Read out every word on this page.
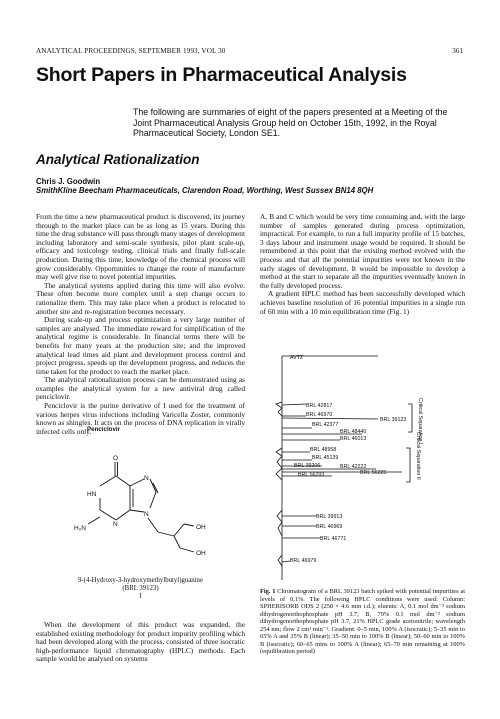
ANALYTICAL PROCEEDINGS, SEPTEMBER 1993, VOL 30	361
Short Papers in Pharmaceutical Analysis
The following are summaries of eight of the papers presented at a Meeting of the Joint Pharmaceutical Analysis Group held on October 15th, 1992, in the Royal Pharmaceutical Society, London SE1.
Analytical Rationalization
Chris J. Goodwin
SmithKline Beecham Pharmaceuticals, Clarendon Road, Worthing, West Sussex BN14 8QH

From the time a new pharmaceutical product is discovered, its journey through to the market place can be as long as 15 years. During this time the drug substance will pass through many stages of development including laboratory and semi-scale synthesis, pilot plant scale-up, efficacy and toxicology testing, clinical trials and finally full-scale production. During this time, knowledge of the chemical process will grow considerably. Opportunities to change the route of manufacture may well give rise to novel potential impurities.

The analytical systems applied during this time will also evolve. These often become more complex until a step change occurs to rationalize them. This may take place when a product is relocated to another site and re-registration becomes necessary.

During scale-up and process optimization a very large number of samples are analysed. The immediate reward for simplification of the analytical regime is considerable. In financial terms there will be benefits for many years at the production site; and the improved analytical lead times aid plant and development process control and project progress, speeds up the development progress, and reduces the time taken for the product to reach the market place.

The analytical rationalization process can be demonstrated using as examples the analytical system for a new antiviral drug called penciclovir.

Penciclovir is the purine derivative of I used for the treatment of various herpes virus infections including Varicella Zoster, commonly known as shingles. It acts on the process of DNA replication in virally infected cells only.

Penciclovir
O
HN
H₂N
N
N
N
OH
OH
9-(4-Hydroxy-3-hydroxymethylbutyl)guanine
(BRL 39123)
I

When the development of this product was expanded, the established existing methodology for product impurity profiling which had been developed along with the process, consisted of three isocratic high-performance liquid chromatography (HPLC) methods. Each sample would be analysed on systems

A, B and C which would be very time consuming and, with the large number of samples generated during process optimization, impractical. For example, to run a full impurity profile of 15 batches, 3 days labour and instrument usage would be required. It should be remembered at this point that the existing method evolved with the process and that all the potential impurities were not known in the early stages of development. It would be impossible to develop a method at the start to separate all the impurities eventually known in the fully developed process.

A gradient HPLC method has been successfully developed which achieves baseline resolution of 16 potential impurities in a single run of 60 min with a 10 min equilibration time (Fig. 1)

AVTZ
BRL 42817
BRL 46970
BRL 39123
BRL 42377
BRL 48440
BRL 46013
BRL 48958
BRL 45139
BRL 39206	BRL 42222
BRL 56225
BRL 56293
BRL 39913
BRL 46969
BRL 46771
BRL 46979
Critical Separation I
Critical Separation II
Fig. 1 Chromatogram of a BRL 39123 batch spiked with potential impurities at levels of 0.1%. The following HPLC conditions were used: Column: SPHERISORB ODS 2 (250 × 4.6 mm i.d.); eluents: A, 0.1 mol dm⁻³ sodium dihydrogenorthophosphate pH 3.7; B, 79% 0.1 mol dm⁻³ sodium dihydrogenorthophosphate pH 3.7, 21% HPLC grade acetonitrile; wavelength 254 nm; flow 2 cm³ min⁻¹. Gradient: 0–5 min, 100% A (isocratic); 5–35 min to 65% A and 35% B (linear); 35–50 min to 100% B (linear); 50–60 min to 100% B (isocratic); 60–65 mins to 100% A (linear); 65–70 min remaining at 100% (equilibration period)
